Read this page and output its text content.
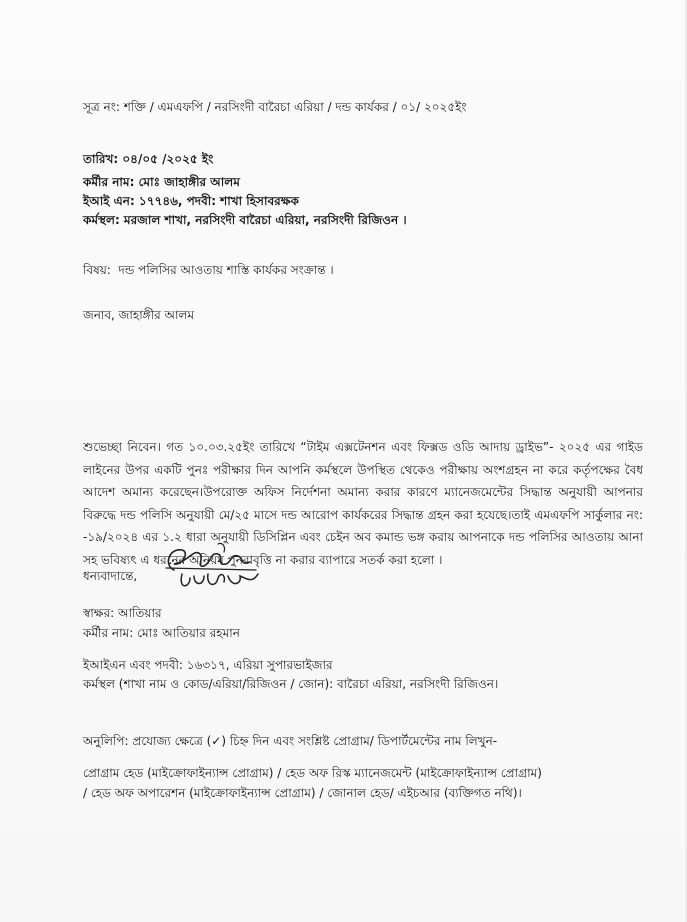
সূত্র নং: শক্তি / এমএফপি / নরসিংদী বারৈচা এরিয়া / দন্ড কার্যকর / ০১/ ২০২৫ইং
তারিখ: ০৪/০৫ /২০২৫ ইং
কর্মীর নাম: মোঃ জাহাঙ্গীর আলম
ইআই এন: ১৭৭৪৬, পদবী: শাখা হিসাবরক্ষক
কর্মস্থল: মরজাল শাখা, নরসিংদী বারৈচা এরিয়া, নরসিংদী রিজিওন ।
বিষয়: দন্ড পলিসির আওতায় শাস্তি কার্যকর সংক্রান্ত ।
জনাব, জাহাঙ্গীর আলম
শুভেচ্ছা নিবেন। গত ১০.০৩.২৫ইং তারিখে “টাইম এক্সটেনশন এবং ফিক্সড ওডি আদায় ড্রাইভ”- ২০২৫ এর গাইড লাইনের উপর একটি পুনঃ পরীক্ষার দিন আপনি কর্মস্থলে উপস্থিত থেকেও পরীক্ষায় অংশগ্রহন না করে কর্তৃপক্ষের বৈধ আদেশ অমান্য করেছেন।উপরোক্ত অফিস নির্দেশনা অমান্য করার কারণে ম্যানেজমেন্টের সিদ্ধান্ত অনুযায়ী আপনার বিরুদ্ধে দন্ড পলিসি অনুযায়ী মে/২৫ মাসে দন্ড আরোপ কার্যকরের সিদ্ধান্ত গ্রহন করা হযেছে।তাই এমএফপি সার্কুলার নং: -১৯/২০২৪ এর ১.২ ধারা অনুযায়ী ডিসিপ্লিন এবং চেইন অব কমান্ড ভঙ্গ করায় আপনাকে দন্ড পলিসির আওতায় আনা সহ ভবিষ্যৎ এ ধরনের অনিয়ম পুনরাবৃত্তি না করার ব্যাপারে সতর্ক করা হলো ।
ধন্যবাদান্তে,
স্বাক্ষর: আতিয়ার
কর্মীর নাম: মোঃ আতিয়ার রহমান
ইআইএন এবং পদবী: ১৬৩১৭, এরিয়া সুপারভাইজার
কর্মস্থল (শাখা নাম ও কোড/এরিয়া/রিজিওন / জোন): বারৈচা এরিয়া, নরসিংদী রিজিওন।
অনুলিপি: প্রযোজ্য ক্ষেত্রে (✓) চিহ্ন দিন এবং সংশ্লিষ্ট প্রোগ্রাম/ ডিপার্টমেন্টের নাম লিখুন-
প্রোগ্রাম হেড (মাইক্রোফাইন্যান্স প্রোগ্রাম) / হেড অফ রিস্ক ম্যানেজমেন্ট (মাইক্রোফাইন্যান্স প্রোগ্রাম)
/ হেড অফ অপারেশন (মাইক্রোফাইন্যান্স প্রোগ্রাম) / জোনাল হেড/ এইচআর (ব্যক্তিগত নথি)।
